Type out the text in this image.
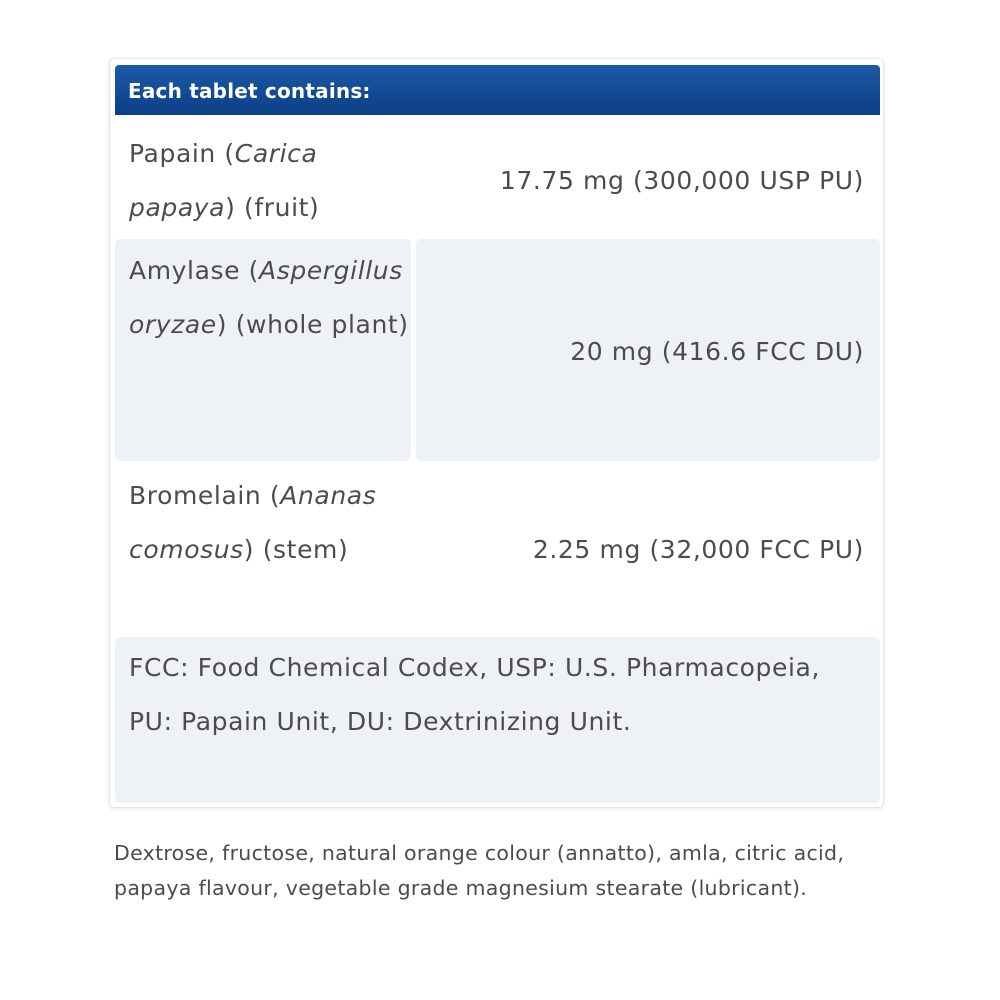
Each tablet contains:
Papain (Carica papaya) (fruit)
17.75 mg (300,000 USP PU)
Amylase (Aspergillus oryzae) (whole plant)
20 mg (416.6 FCC DU)
Bromelain (Ananas comosus) (stem)	2.25 mg (32,000 FCC PU)
FCC: Food Chemical Codex, USP: U.S. Pharmacopeia, PU: Papain Unit, DU: Dextrinizing Unit.
Dextrose, fructose, natural orange colour (annatto), amla, citric acid, papaya flavour, vegetable grade magnesium stearate (lubricant).
